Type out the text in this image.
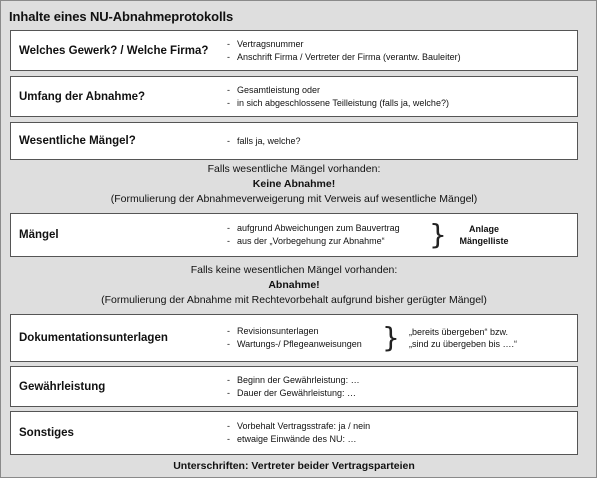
Inhalte eines NU-Abnahmeprotokolls
Welches Gewerk? / Welche Firma?
- Vertragsnummer
- Anschrift Firma / Vertreter der Firma (verantw. Bauleiter)
Umfang der Abnahme?
- Gesamtleistung oder
- in sich abgeschlossene Teilleistung (falls ja, welche?)
Wesentliche Mängel?	- falls ja, welche?
Falls wesentliche Mängel vorhanden:
Keine Abnahme!
(Formulierung der Abnahmeverweigerung mit Verweis auf wesentliche Mängel)
Mängel
- aufgrund Abweichungen zum Bauvertrag
- aus der „Vorbegehung zur Abnahme“ }	Anlage
Mängelliste
Falls keine wesentlichen Mängel vorhanden:
Abnahme!
(Formulierung der Abnahme mit Rechtevorbehalt aufgrund bisher gerügter Mängel)
Dokumentationsunterlagen
- Revisionsunterlagen
- Wartungs-/ Pflegeanweisungen } „bereits übergeben“ bzw.
„sind zu übergeben bis ….“
Gewährleistung
- Beginn der Gewährleistung: …
- Dauer der Gewährleistung: …
Sonstiges
- Vorbehalt Vertragsstrafe: ja / nein
- etwaige Einwände des NU: …
Unterschriften: Vertreter beider Vertragsparteien
